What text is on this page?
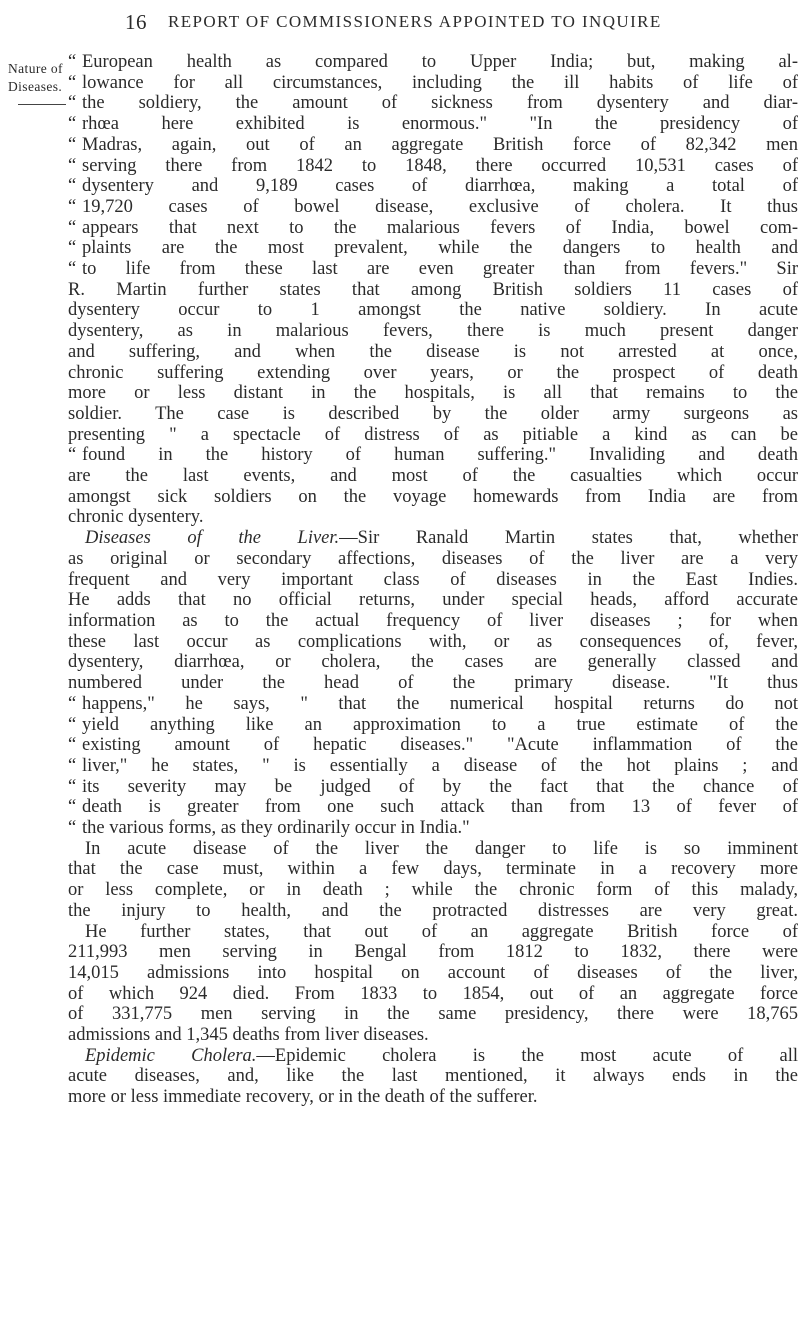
16 REPORT OF COMMISSIONERS APPOINTED TO INQUIRE
Nature of
Diseases.
“ European health as compared to Upper India; but, making al-
“ lowance for all circumstances, including the ill habits of life of
“ the soldiery, the amount of sickness from dysentery and diar-
“ rhœa here exhibited is enormous." "In the presidency of
“ Madras, again, out of an aggregate British force of 82,342 men
“ serving there from 1842 to 1848, there occurred 10,531 cases of
“ dysentery and 9,189 cases of diarrhœa, making a total of
“ 19,720 cases of bowel disease, exclusive of cholera. It thus
“ appears that next to the malarious fevers of India, bowel com-
“ plaints are the most prevalent, while the dangers to health and
“ to life from these last are even greater than from fevers." Sir
R. Martin further states that among British soldiers 11 cases of
dysentery occur to 1 amongst the native soldiery. In acute
dysentery, as in malarious fevers, there is much present danger
and suffering, and when the disease is not arrested at once,
chronic suffering extending over years, or the prospect of death
more or less distant in the hospitals, is all that remains to the
soldier. The case is described by the older army surgeons as
presenting " a spectacle of distress of as pitiable a kind as can be
“ found in the history of human suffering." Invaliding and death
are the last events, and most of the casualties which occur
amongst sick soldiers on the voyage homewards from India are from
chronic dysentery.
Diseases of the Liver.—Sir Ranald Martin states that, whether
as original or secondary affections, diseases of the liver are a very
frequent and very important class of diseases in the East Indies.
He adds that no official returns, under special heads, afford accurate
information as to the actual frequency of liver diseases ; for when
these last occur as complications with, or as consequences of, fever,
dysentery, diarrhœa, or cholera, the cases are generally classed and
numbered under the head of the primary disease. "It thus
“ happens," he says, " that the numerical hospital returns do not
“ yield anything like an approximation to a true estimate of the
“ existing amount of hepatic diseases." "Acute inflammation of the
“ liver," he states, " is essentially a disease of the hot plains ; and
“ its severity may be judged of by the fact that the chance of
“ death is greater from one such attack than from 13 of fever of
“ the various forms, as they ordinarily occur in India."
In acute disease of the liver the danger to life is so imminent
that the case must, within a few days, terminate in a recovery more
or less complete, or in death ; while the chronic form of this malady,
the injury to health, and the protracted distresses are very great.
He further states, that out of an aggregate British force of
211,993 men serving in Bengal from 1812 to 1832, there were
14,015 admissions into hospital on account of diseases of the liver,
of which 924 died. From 1833 to 1854, out of an aggregate force
of 331,775 men serving in the same presidency, there were 18,765
admissions and 1,345 deaths from liver diseases.
Epidemic Cholera.—Epidemic cholera is the most acute of all
acute diseases, and, like the last mentioned, it always ends in the
more or less immediate recovery, or in the death of the sufferer.
